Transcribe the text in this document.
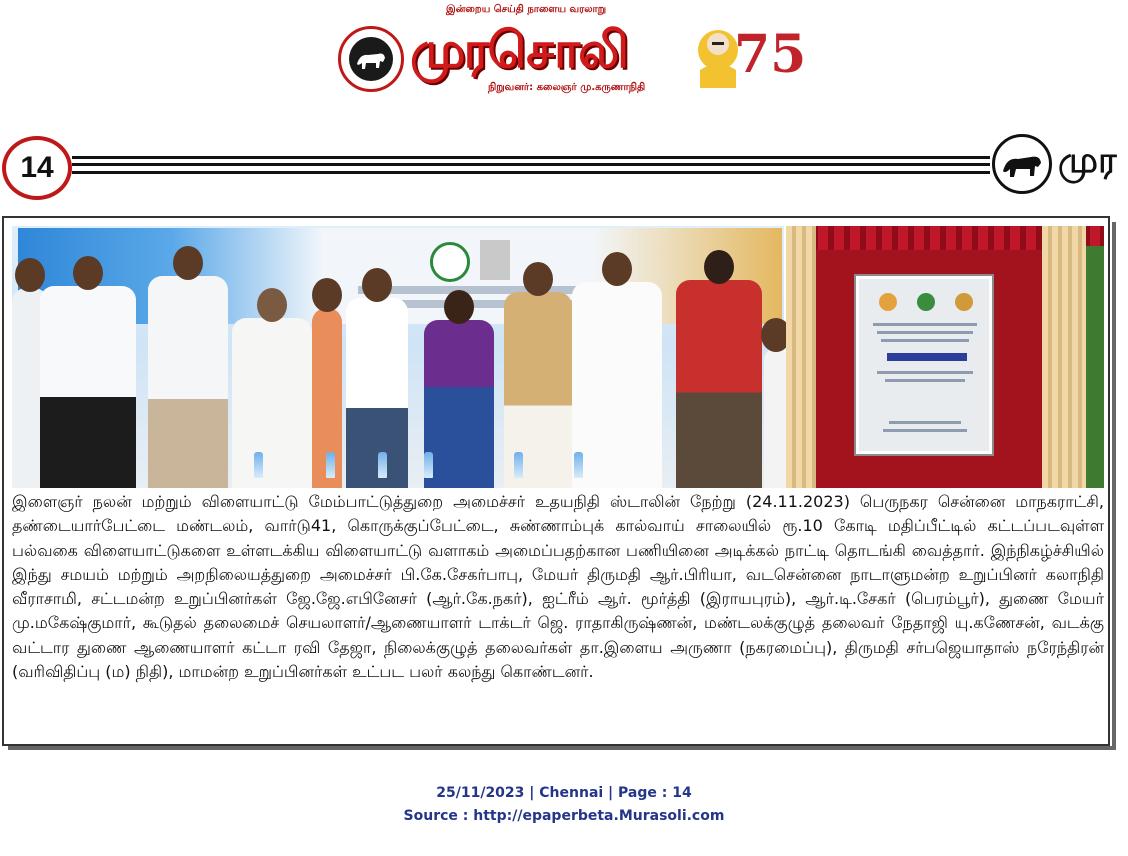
இன்றைய செய்தி நாளைய வரலாறு
முரசொலி
நிறுவனர்: கலைஞர் மு.கருணாநிதி
75
14	முர

இளைஞர் நலன் மற்றும் விளையாட்டு மேம்பாட்டுத்துறை அமைச்சர் உதயநிதி ஸ்டாலின் நேற்று (24.11.2023) பெருநகர சென்னை மாநகராட்சி, தண்டையார்பேட்டை மண்டலம், வார்டு41, கொருக்குப்பேட்டை, சுண்ணாம்புக் கால்வாய் சாலையில் ரூ.10 கோடி மதிப்பீட்டில் கட்டப்படவுள்ள பல்வகை விளையாட்டுகளை உள்ளடக்கிய விளையாட்டு வளாகம் அமைப்பதற்கான பணியினை அடிக்கல் நாட்டி தொடங்கி வைத்தார். இந்நிகழ்ச்சியில் இந்து சமயம் மற்றும் அறநிலையத்துறை அமைச்சர் பி.கே.சேகர்பாபு, மேயர் திருமதி ஆர்.பிரியா, வடசென்னை நாடாளுமன்ற உறுப்பினர் கலாநிதி வீராசாமி, சட்டமன்ற உறுப்பினர்கள் ஜே.ஜே.எபினேசர் (ஆர்.கே.நகர்), ஐட்ரீம் ஆர். மூர்த்தி (இராயபுரம்), ஆர்.டி.சேகர் (பெரம்பூர்), துணை மேயர் மு.மகேஷ்குமார், கூடுதல் தலைமைச் செயலாளர்/ஆணையாளர் டாக்டர் ஜெ. ராதாகிருஷ்ணன், மண்டலக்குழுத் தலைவர் நேதாஜி யு.கணேசன், வடக்கு வட்டார துணை ஆணையாளர் கட்டா ரவி தேஜா, நிலைக்குழுத் தலைவர்கள் தா.இளைய அருணா (நகரமைப்பு), திருமதி சர்பஜெயாதாஸ் நரேந்திரன் (வரிவிதிப்பு (ம) நிதி), மாமன்ற உறுப்பினர்கள் உட்பட பலர் கலந்து கொண்டனர்.

25/11/2023 | Chennai | Page : 14
Source : http://epaperbeta.Murasoli.com
